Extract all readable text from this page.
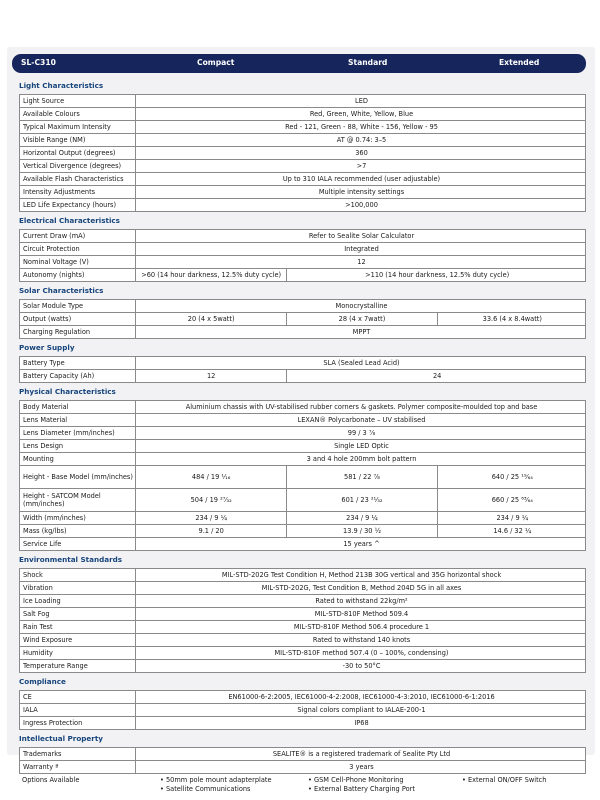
SL-C310	Compact	Standard	Extended
Light Characteristics
Light Source	LED
Available Colours	Red, Green, White, Yellow, Blue
Typical Maximum Intensity	Red - 121, Green - 88, White - 156, Yellow - 95
Visible Range (NM)	AT @ 0.74: 3–5
Horizontal Output (degrees)	360
Vertical Divergence (degrees)	>7
Available Flash Characteristics	Up to 310 IALA recommended (user adjustable)
Intensity Adjustments	Multiple intensity settings
LED Life Expectancy (hours)	>100,000
Electrical Characteristics
Current Draw (mA)	Refer to Sealite Solar Calculator
Circuit Protection	Integrated
Nominal Voltage (V)	12
Autonomy (nights)	>60 (14 hour darkness, 12.5% duty cycle)	>110 (14 hour darkness, 12.5% duty cycle)
Solar Characteristics
Solar Module Type	Monocrystalline
Output (watts)	20 (4 x 5watt)	28 (4 x 7watt)	33.6 (4 x 8.4watt)
Charging Regulation	MPPT
Power Supply
Battery Type	SLA (Sealed Lead Acid)
Battery Capacity (Ah)	12	24
Physical Characteristics
Body Material	Aluminium chassis with UV-stabilised rubber corners & gaskets. Polymer composite-moulded top and base
Lens Material	LEXAN® Polycarbonate – UV stabilised
Lens Diameter (mm/inches)	99 / 3 ⅞
Lens Design	Single LED Optic
Mounting	3 and 4 hole 200mm bolt pattern
Height - Base Model (mm/inches)	484 / 19 ¹⁄₁₆	581 / 22 ⅞	640 / 25 ¹⁹⁄₆₄
Height - SATCOM Model (mm/inches)	504 / 19 ²⁷⁄₃₂	601 / 23 ²¹⁄₃₂	660 / 25 ⁶³⁄₆₄
Width (mm/inches)	234 / 9 ¼	234 / 9 ¼	234 / 9 ¼
Mass (kg/lbs)	9.1 / 20	13.9 / 30 ½	14.6 / 32 ¼
Service Life	15 years ^
Environmental Standards
Shock	MIL-STD-202G Test Condition H, Method 213B 30G vertical and 35G horizontal shock
Vibration	MIL-STD-202G, Test Condition B, Method 204D 5G in all axes
Ice Loading	Rated to withstand 22kg/m²
Salt Fog	MIL-STD-810F Method 509.4
Rain Test	MIL-STD-810F Method 506.4 procedure 1
Wind Exposure	Rated to withstand 140 knots
Humidity	MIL-STD-810F method 507.4 (0 – 100%, condensing)
Temperature Range	-30 to 50°C
Compliance
CE	EN61000-6-2:2005, IEC61000-4-2:2008, IEC61000-4-3:2010, IEC61000-6-1:2016
IALA	Signal colors compliant to IALAE-200-1
Ingress Protection	IP68
Intellectual Property
Trademarks	SEALITE® is a registered trademark of Sealite Pty Ltd
Warranty ª	3 years
Options Available	• 50mm pole mount adapterplate
• Satellite Communications
• GSM Cell-Phone Monitoring
• External Battery Charging Port
• External ON/OFF Switch
